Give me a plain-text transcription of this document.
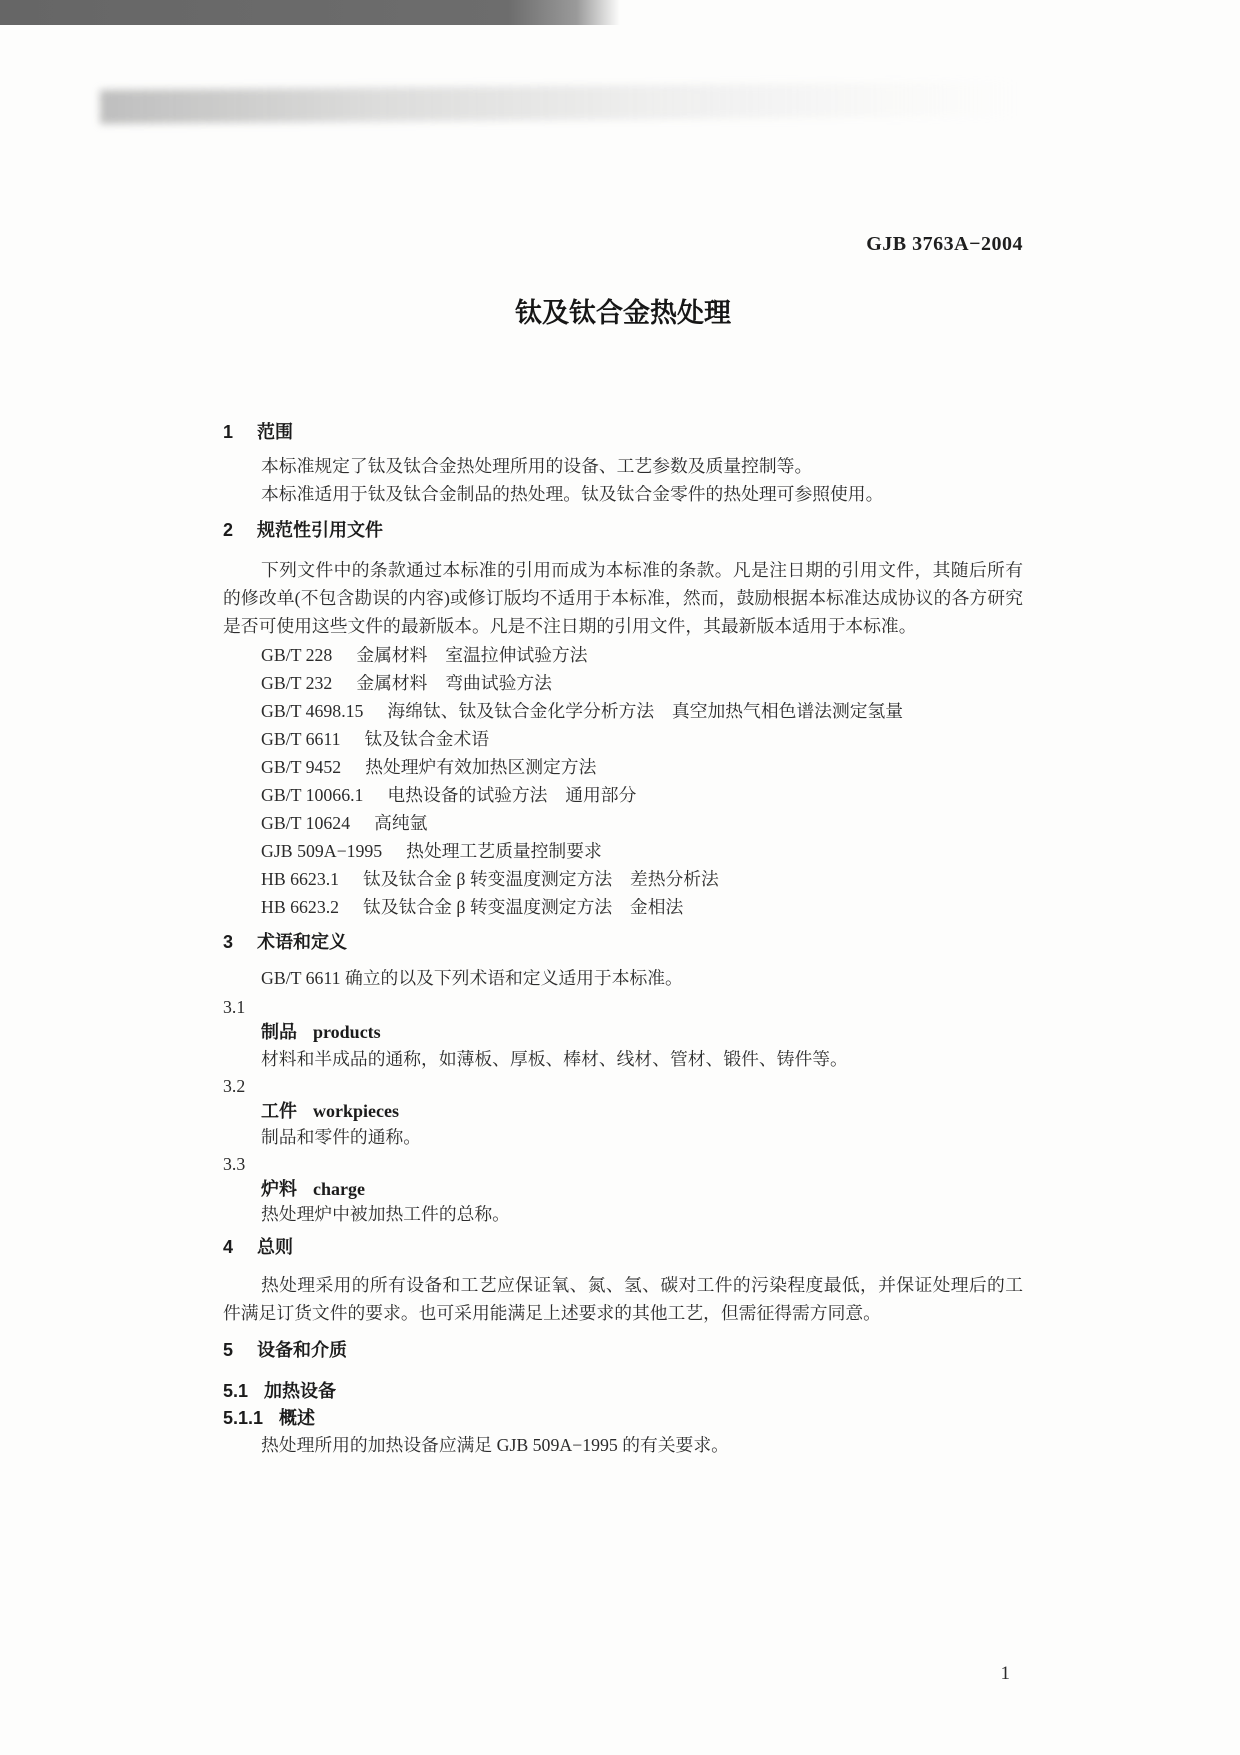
GJB 3763A−2004
钛及钛合金热处理
1 范围
本标准规定了钛及钛合金热处理所用的设备、工艺参数及质量控制等。
本标准适用于钛及钛合金制品的热处理。钛及钛合金零件的热处理可参照使用。
2 规范性引用文件
下列文件中的条款通过本标准的引用而成为本标准的条款。凡是注日期的引用文件，其随后所有的修改单(不包含勘误的内容)或修订版均不适用于本标准，然而，鼓励根据本标准达成协议的各方研究是否可使用这些文件的最新版本。凡是不注日期的引用文件，其最新版本适用于本标准。
GB/T 228 金属材料　室温拉伸试验方法
GB/T 232 金属材料　弯曲试验方法
GB/T 4698.15 海绵钛、钛及钛合金化学分析方法　真空加热气相色谱法测定氢量
GB/T 6611 钛及钛合金术语
GB/T 9452 热处理炉有效加热区测定方法
GB/T 10066.1 电热设备的试验方法　通用部分
GB/T 10624 高纯氩
GJB 509A−1995 热处理工艺质量控制要求
HB 6623.1 钛及钛合金 β 转变温度测定方法　差热分析法
HB 6623.2 钛及钛合金 β 转变温度测定方法　金相法
3 术语和定义
GB/T 6611 确立的以及下列术语和定义适用于本标准。
3.1
制品 products
材料和半成品的通称，如薄板、厚板、棒材、线材、管材、锻件、铸件等。
3.2
工件 workpieces
制品和零件的通称。
3.3
炉料 charge
热处理炉中被加热工件的总称。
4 总则
热处理采用的所有设备和工艺应保证氧、氮、氢、碳对工件的污染程度最低，并保证处理后的工件满足订货文件的要求。也可采用能满足上述要求的其他工艺，但需征得需方同意。
5 设备和介质
5.1 加热设备
5.1.1 概述
热处理所用的加热设备应满足 GJB 509A−1995 的有关要求。
1
